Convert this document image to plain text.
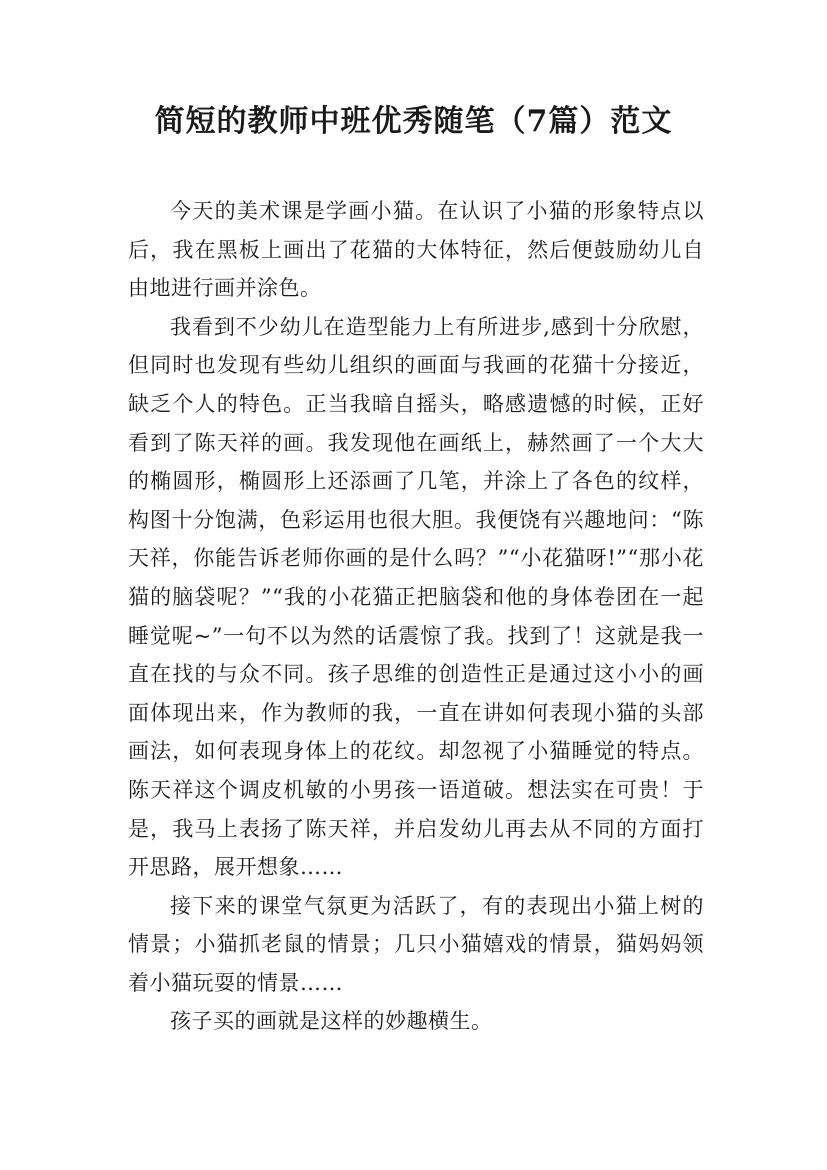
简短的教师中班优秀随笔（7篇）范文

今天的美术课是学画小猫。在认识了小猫的形象特点以后，我在黑板上画出了花猫的大体特征，然后便鼓励幼儿自由地进行画并涂色。

我看到不少幼儿在造型能力上有所进步,感到十分欣慰，但同时也发现有些幼儿组织的画面与我画的花猫十分接近，缺乏个人的特色。正当我暗自摇头，略感遗憾的时候，正好看到了陈天祥的画。我发现他在画纸上，赫然画了一个大大的椭圆形，椭圆形上还添画了几笔，并涂上了各色的纹样，构图十分饱满，色彩运用也很大胆。我便饶有兴趣地问：“陈天祥，你能告诉老师你画的是什么吗？”“小花猫呀!”“那小花猫的脑袋呢？”“我的小花猫正把脑袋和他的身体卷团在一起睡觉呢~”一句不以为然的话震惊了我。找到了！这就是我一直在找的与众不同。孩子思维的创造性正是通过这小小的画面体现出来，作为教师的我，一直在讲如何表现小猫的头部画法，如何表现身体上的花纹。却忽视了小猫睡觉的特点。陈天祥这个调皮机敏的小男孩一语道破。想法实在可贵！于是，我马上表扬了陈天祥，并启发幼儿再去从不同的方面打开思路，展开想象……

接下来的课堂气氛更为活跃了，有的表现出小猫上树的情景；小猫抓老鼠的情景；几只小猫嬉戏的情景，猫妈妈领着小猫玩耍的情景……

孩子买的画就是这样的妙趣横生。
